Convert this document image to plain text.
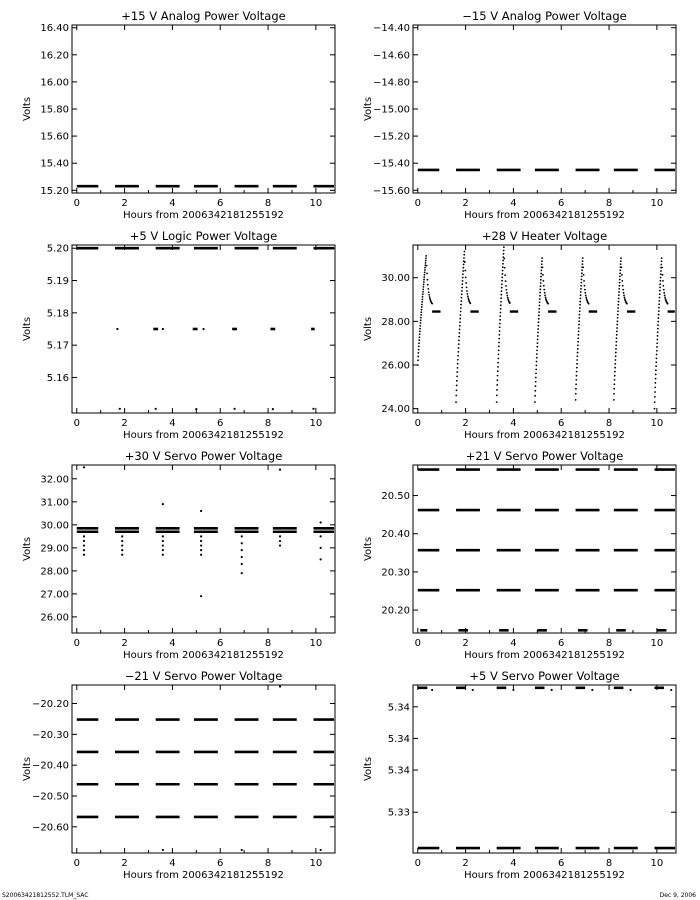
+15 V Analog Power Voltage
0	2	4	6	8	10
15.20
15.40
15.60
15.80
16.00
16.20
16.40
Hours from 2006342181255192
Volts
−15 V Analog Power Voltage
0	2	4	6	8	10
−14.40
−14.60
−14.80
−15.00
−15.20
−15.40
−15.60
Hours from 2006342181255192
Volts
+5 V Logic Power Voltage
0	2	4	6	8	10
5.16
5.17
5.18
5.19
5.20
Hours from 2006342181255192
Volts
+28 V Heater Voltage
0	2	4	6	8	10
24.00
26.00
28.00
30.00
Hours from 2006342181255192
Volts
+30 V Servo Power Voltage
0	2	4	6	8	10
26.00
27.00
28.00
29.00
30.00
31.00
32.00
Hours from 2006342181255192
Volts
+21 V Servo Power Voltage
0	2	4	6	8	10
20.20
20.30
20.40
20.50
Hours from 2006342181255192
Volts
−21 V Servo Power Voltage
0	2	4	6	8	10
−20.20
−20.30
−20.40
−20.50
−20.60
Hours from 2006342181255192
Volts
+5 V Servo Power Voltage
0	2	4	6	8	10
5.33
5.34
5.34
5.34
Hours from 2006342181255192
Volts
S20063421812552.TLM_SAC	Dec 9, 2006
